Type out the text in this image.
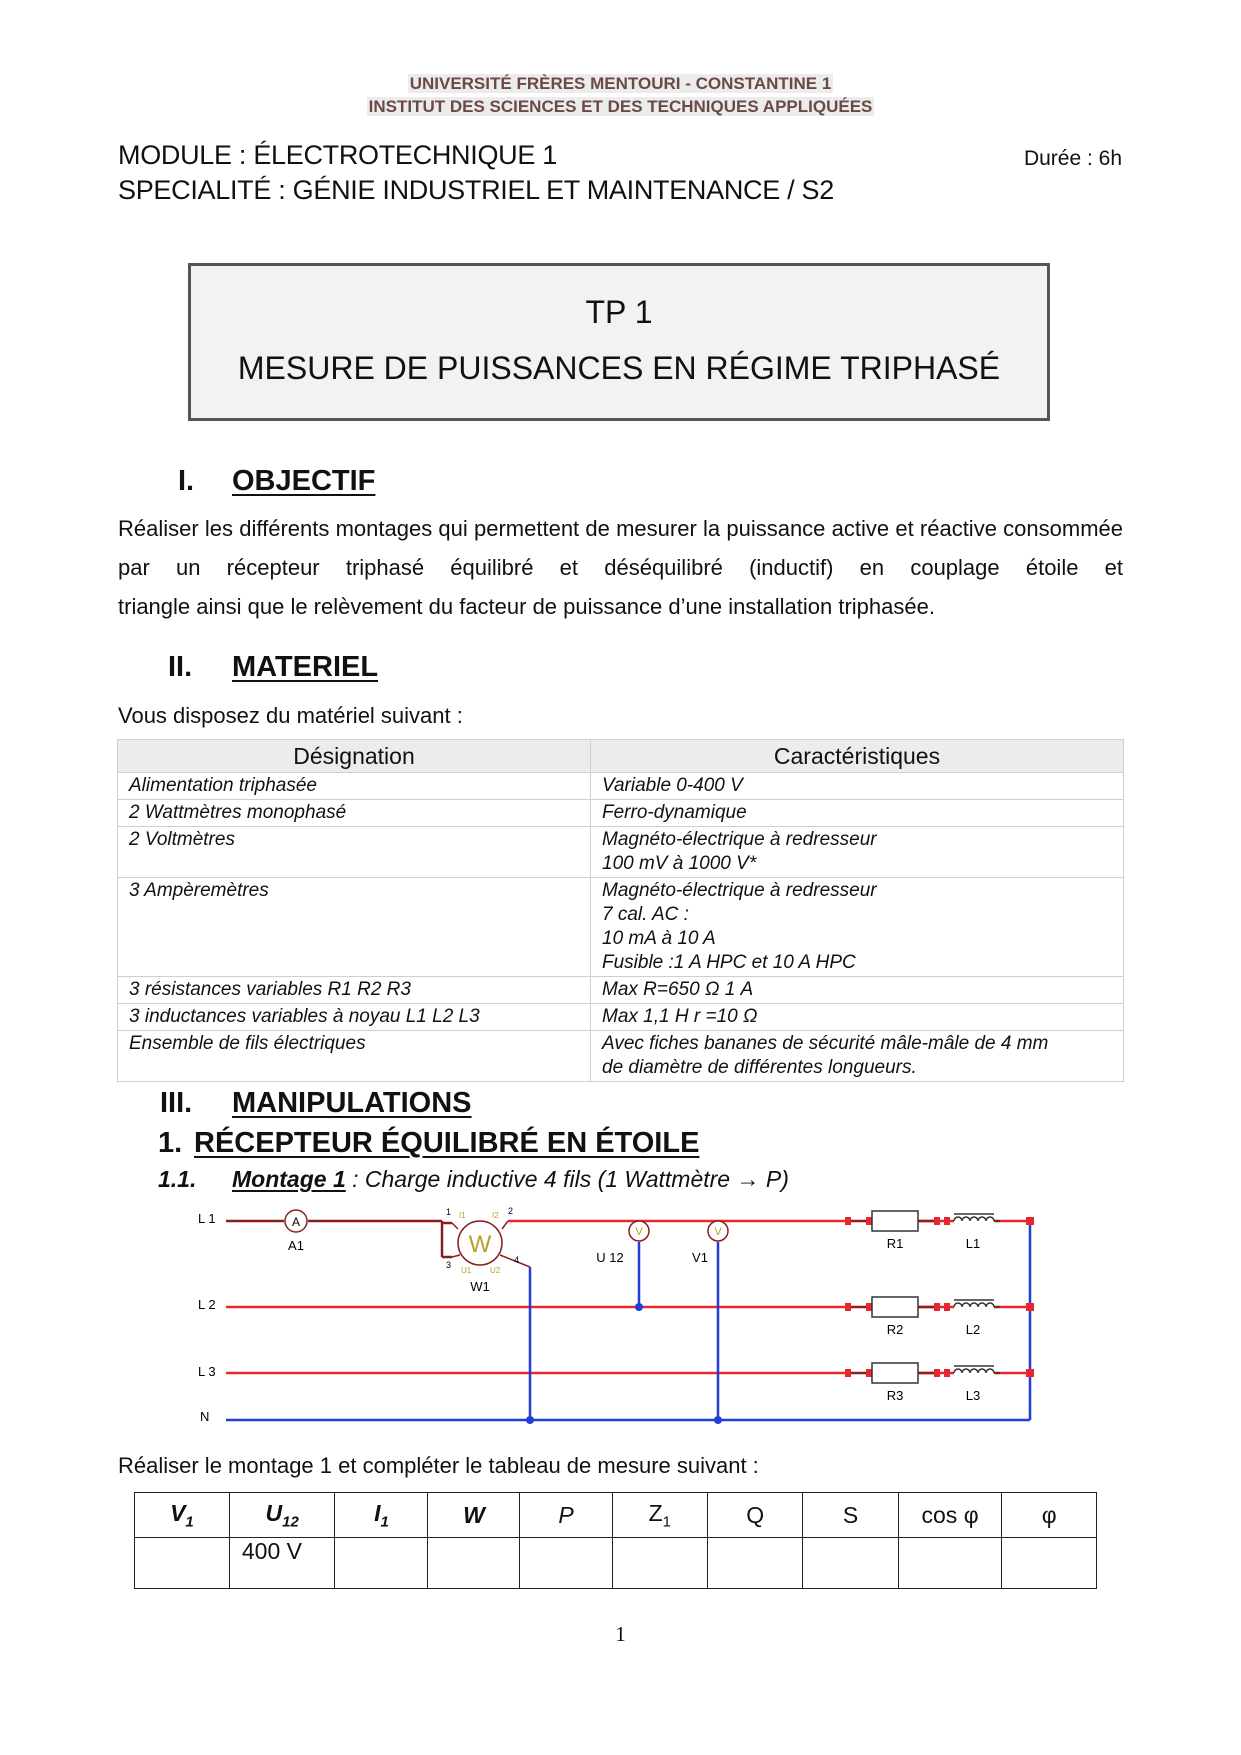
UNIVERSITÉ FRÈRES MENTOURI - CONSTANTINE 1
INSTITUT DES SCIENCES ET DES TECHNIQUES APPLIQUÉES
MODULE : ÉLECTROTECHNIQUE 1
SPECIALITÉ : GÉNIE INDUSTRIEL ET MAINTENANCE / S2
Durée : 6h
TP 1
MESURE DE PUISSANCES EN RÉGIME TRIPHASÉ
I. OBJECTIF
Réaliser les différents montages qui permettent de mesurer la puissance active et réactive consommée par un récepteur triphasé équilibré et déséquilibré (inductif) en couplage étoile et
triangle ainsi que le relèvement du facteur de puissance d’une installation triphasée.
II. MATERIEL
Vous disposez du matériel suivant :
Désignation	Caractéristiques
Alimentation triphasée	Variable 0-400 V

2 Wattmètres monophasé	Ferro-dynamique

2 Voltmètres	Magnéto-électrique à redresseur
100 mV à 1000 V*

3 Ampèremètres	Magnéto-électrique à redresseur
7 cal. AC :
10 mA à 10 A
Fusible :1 A HPC et 10 A HPC

3 résistances variables R1 R2 R3	Max R=650 Ω 1 A

3 inductances variables à noyau L1 L2 L3	Max 1,1 H r =10 Ω

Ensemble de fils électriques	Avec fiches bananes de sécurité mâle-mâle de 4 mm
de diamètre de différentes longueurs.
III. MANIPULATIONS
1. RÉCEPTEUR ÉQUILIBRÉ EN ÉTOILE
1.1. Montage 1 : Charge inductive 4 fils (1 Wattmètre → P)
L 1
L 2
L 3
N
A
A1	W
1	2
3	4
I1	I2
U1 U2
W1
V
U 12
V
V1
R1	L1
R2	L2
R3	L3
Réaliser le montage 1 et compléter le tableau de mesure suivant :
$V_1$	$U_{12}$	$I_1$	W	P	$Z_1$	Q	S	cos φ	φ
	400 V								
1
